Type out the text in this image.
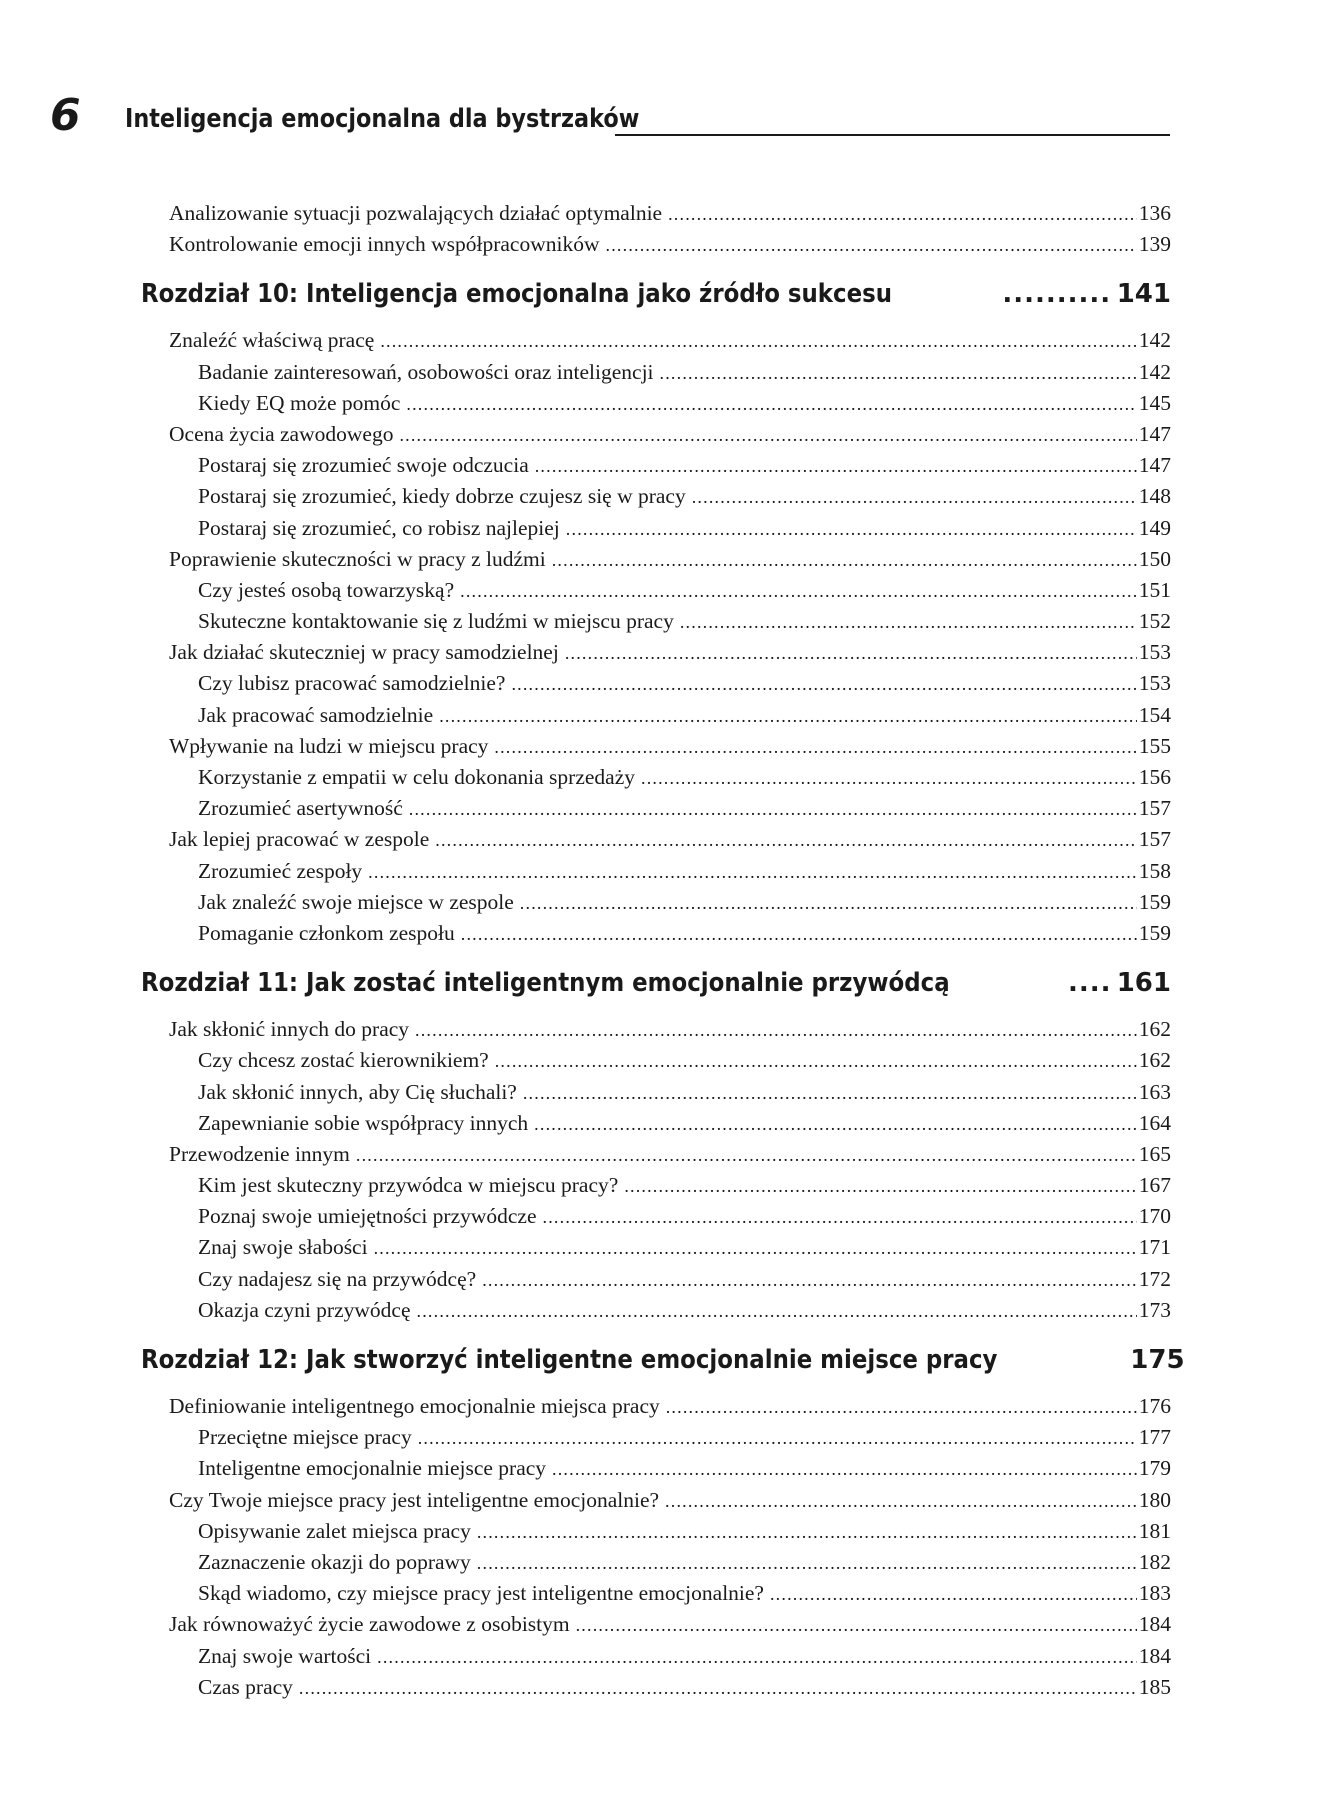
6 Inteligencja emocjonalna dla bystrzaków
Analizowanie sytuacji pozwalających działać optymalnie .....	136
Kontrolowanie emocji innych współpracowników .....	139
Rozdział 10: Inteligencja emocjonalna jako źródło sukcesu .....	141
Znaleźć właściwą pracę .....	142
Badanie zainteresowań, osobowości oraz inteligencji .....	142
Kiedy EQ może pomóc .....	145
Ocena życia zawodowego .....	147
Postaraj się zrozumieć swoje odczucia .....	147
Postaraj się zrozumieć, kiedy dobrze czujesz się w pracy .....	148
Postaraj się zrozumieć, co robisz najlepiej .....	149
Poprawienie skuteczności w pracy z ludźmi .....	150
Czy jesteś osobą towarzyską? .....	151
Skuteczne kontaktowanie się z ludźmi w miejscu pracy .....	152
Jak działać skuteczniej w pracy samodzielnej .....	153
Czy lubisz pracować samodzielnie? .....	153
Jak pracować samodzielnie .....	154
Wpływanie na ludzi w miejscu pracy .....	155
Korzystanie z empatii w celu dokonania sprzedaży .....	156
Zrozumieć asertywność .....	157
Jak lepiej pracować w zespole .....	157
Zrozumieć zespoły .....	158
Jak znaleźć swoje miejsce w zespole .....	159
Pomaganie członkom zespołu .....	159
Rozdział 11: Jak zostać inteligentnym emocjonalnie przywódcą .....	161
Jak skłonić innych do pracy .....	162
Czy chcesz zostać kierownikiem? .....	162
Jak skłonić innych, aby Cię słuchali? .....	163
Zapewnianie sobie współpracy innych .....	164
Przewodzenie innym .....	165
Kim jest skuteczny przywódca w miejscu pracy? .....	167
Poznaj swoje umiejętności przywódcze .....	170
Znaj swoje słabości .....	171
Czy nadajesz się na przywódcę? .....	172
Okazja czyni przywódcę .....	173
Rozdział 12: Jak stworzyć inteligentne emocjonalnie miejsce pracy	175
Definiowanie inteligentnego emocjonalnie miejsca pracy .....	176
Przeciętne miejsce pracy .....	177
Inteligentne emocjonalnie miejsce pracy .....	179
Czy Twoje miejsce pracy jest inteligentne emocjonalnie? .....	180
Opisywanie zalet miejsca pracy .....	181
Zaznaczenie okazji do poprawy .....	182
Skąd wiadomo, czy miejsce pracy jest inteligentne emocjonalnie? .....	183
Jak równoważyć życie zawodowe z osobistym .....	184
Znaj swoje wartości .....	184
Czas pracy .....	185
